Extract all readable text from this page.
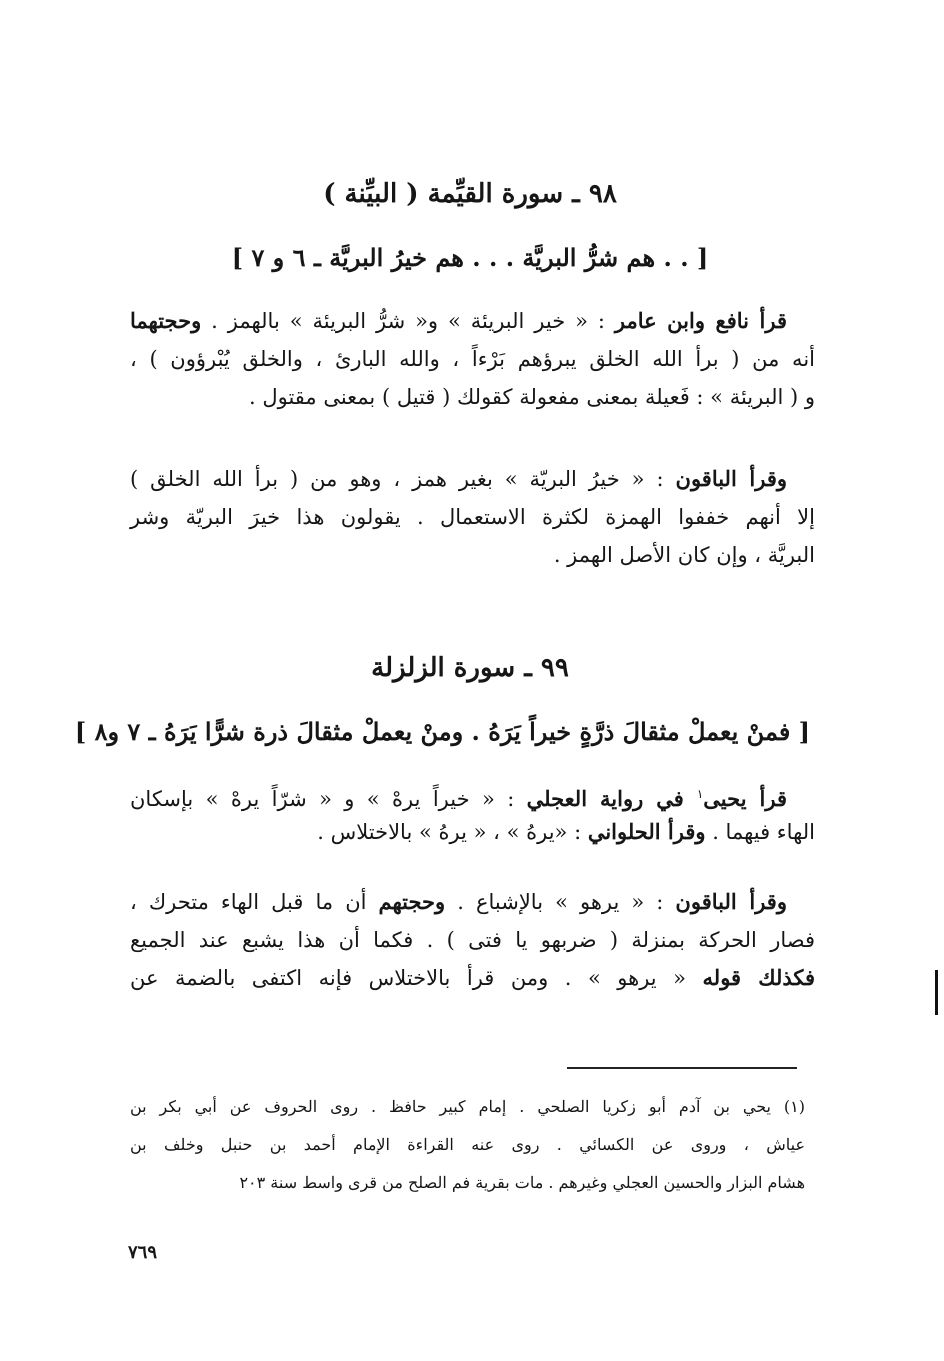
٩٨ ـ سورة القيِّمة ( البيِّنة )
[ . . هم شرُّ البريَّة . . . هم خيرُ البريَّة ـ ٦ و ٧ ]
قرأ نافع وابن عامر : « خير البريئة » و« شرُّ البريئة » بالهمز . وحجتهما
أنه من ( برأ الله الخلق يبرؤهم بَرْءاً ، والله البارئ ، والخلق يُبْرؤون ) ،
و ( البريئة » : فَعيلة بمعنى مفعولة كقولك ( قتيل ) بمعنى مقتول .
وقرأ الباقون : « خيرُ البريّة » بغير همز ، وهو من ( برأ الله الخلق )
إلا أنهم خففوا الهمزة لكثرة الاستعمال . يقولون هذا خيرَ البريّة وشر
البريَّة ، وإن كان الأصل الهمز .
٩٩ ـ سورة الزلزلة
[ فمنْ يعملْ مثقالَ ذرَّةٍ خيراً يَرَهُ . ومنْ يعملْ مثقالَ ذرة شرًّا يَرَهُ ـ ٧ و٨ ]
قرأ يحيى$^١$ في رواية العجلي : « خيراً يرهْ » و « شرّاً يرهْ » بإسكان
الهاء فيهما . وقرأ الحلواني : «يرهُ » ، « يرهُ » بالاختلاس .
وقرأ الباقون : « يرهو » بالإشباع . وحجتهم أن ما قبل الهاء متحرك ،
فصار الحركة بمنزلة ( ضربهو يا فتى ) . فكما أن هذا يشبع عند الجميع
فكذلك قوله « يرهو » . ومن قرأ بالاختلاس فإنه اكتفى بالضمة عن
(١) يحي بن آدم أبو زكريا الصلحي . إمام كبير حافظ . روى الحروف عن أبي بكر بن
عياش ، وروى عن الكسائي . روى عنه القراءة الإمام أحمد بن حنبل وخلف بن
هشام البزار والحسين العجلي وغيرهم . مات بقرية فم الصلح من قرى واسط سنة ٢٠٣
٧٦٩
